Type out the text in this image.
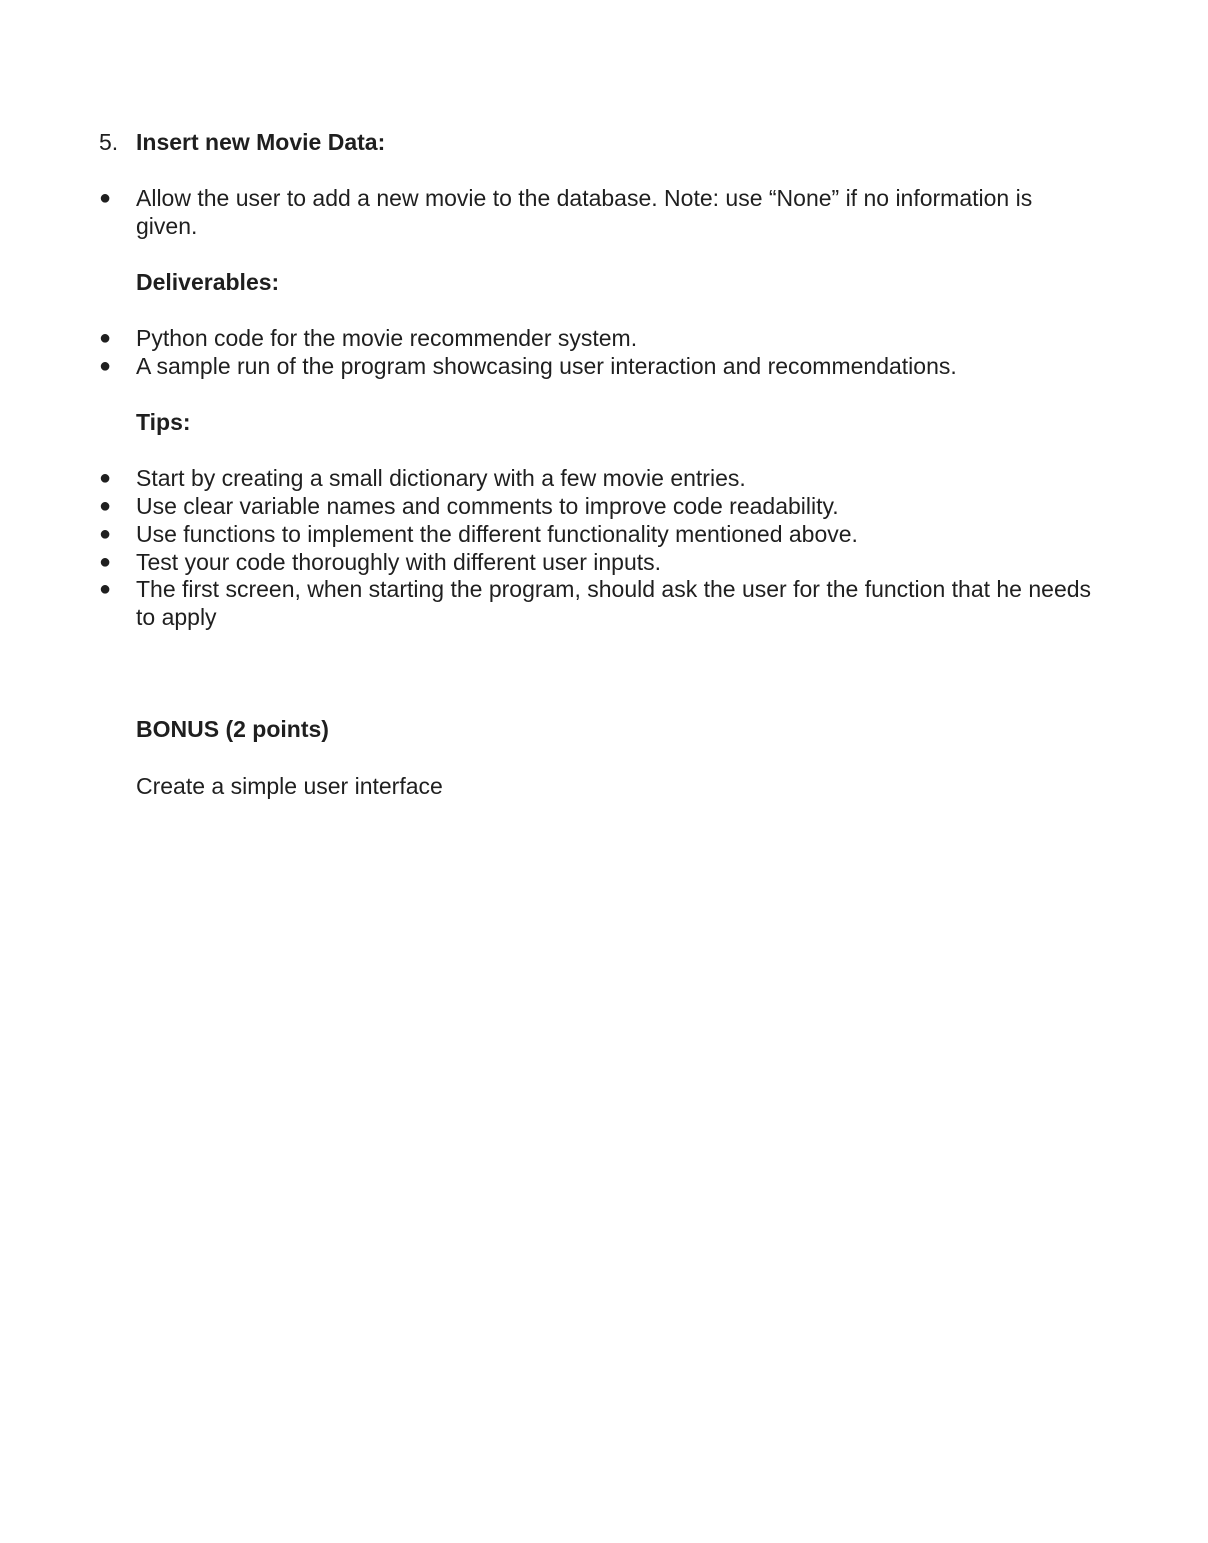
5. Insert new Movie Data:
●	Allow the user to add a new movie to the database. Note: use “None” if no information is given.
Deliverables:
●	Python code for the movie recommender system.
●	A sample run of the program showcasing user interaction and recommendations.
Tips:
●	Start by creating a small dictionary with a few movie entries.
●	Use clear variable names and comments to improve code readability.
●	Use functions to implement the different functionality mentioned above.
●	Test your code thoroughly with different user inputs.
●	The first screen, when starting the program, should ask the user for the function that he needs to apply
BONUS (2 points)
Create a simple user interface
